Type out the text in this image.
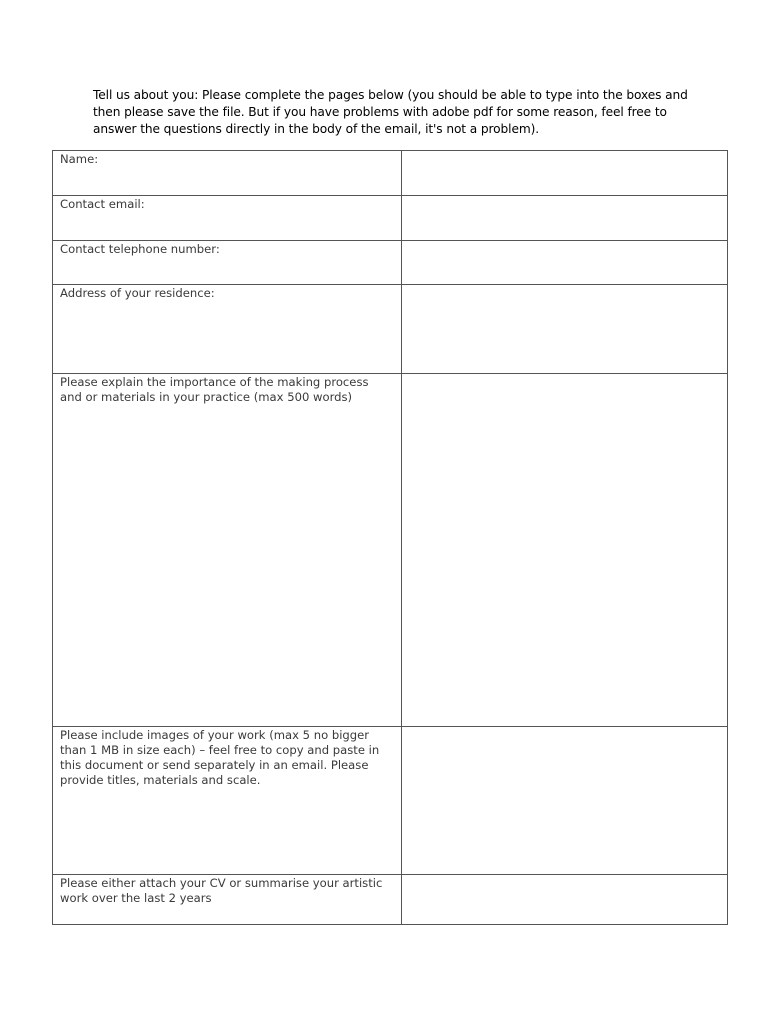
Tell us about you: Please complete the pages below (you should be able to type into the boxes and then please save the file. But if you have problems with adobe pdf for some reason, feel free to answer the questions directly in the body of the email, it's not a problem).

Name:	

Contact email:	

Contact telephone number:	

Address of your residence:	

Please explain the importance of the making process and or materials in your practice (max 500 words)	

Please include images of your work (max 5 no bigger than 1 MB in size each) – feel free to copy and paste in this document or send separately in an email. Please provide titles, materials and scale.	

Please either attach your CV or summarise your artistic work over the last 2 years	
